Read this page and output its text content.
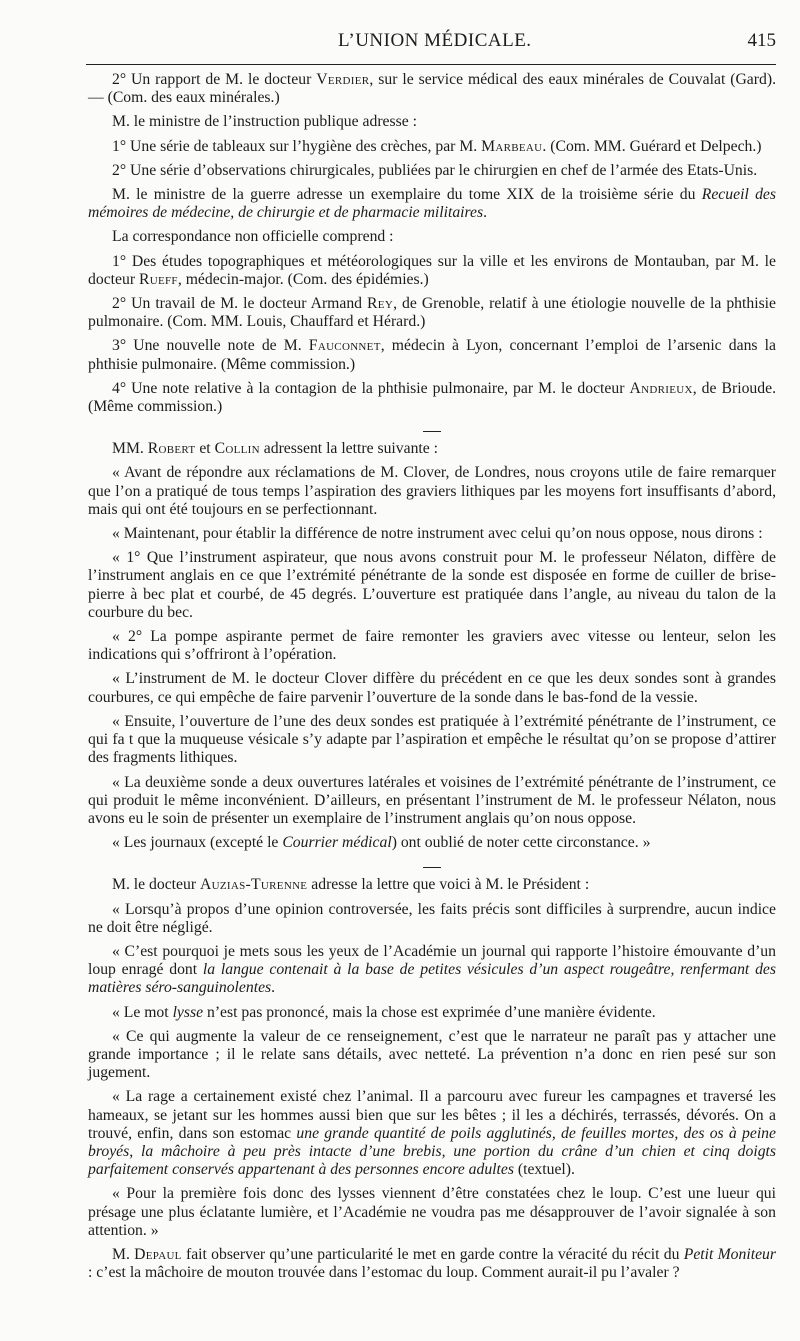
L’UNION MÉDICALE.	415

2° Un rapport de M. le docteur Verdier, sur le service médical des eaux minérales de Couvalat (Gard). — (Com. des eaux minérales.)

M. le ministre de l’instruction publique adresse :

1° Une série de tableaux sur l’hygiène des crèches, par M. Marbeau. (Com. MM. Guérard et Delpech.)

2° Une série d’observations chirurgicales, publiées par le chirurgien en chef de l’armée des Etats-Unis.

M. le ministre de la guerre adresse un exemplaire du tome XIX de la troisième série du Recueil des mémoires de médecine, de chirurgie et de pharmacie militaires.

La correspondance non officielle comprend :

1° Des études topographiques et météorologiques sur la ville et les environs de Montauban, par M. le docteur Rueff, médecin-major. (Com. des épidémies.)

2° Un travail de M. le docteur Armand Rey, de Grenoble, relatif à une étiologie nouvelle de la phthisie pulmonaire. (Com. MM. Louis, Chauffard et Hérard.)

3° Une nouvelle note de M. Fauconnet, médecin à Lyon, concernant l’emploi de l’arsenic dans la phthisie pulmonaire. (Même commission.)

4° Une note relative à la contagion de la phthisie pulmonaire, par M. le docteur Andrieux, de Brioude. (Même commission.)

MM. Robert et Collin adressent la lettre suivante :

« Avant de répondre aux réclamations de M. Clover, de Londres, nous croyons utile de faire remarquer que l’on a pratiqué de tous temps l’aspiration des graviers lithiques par les moyens fort insuffisants d’abord, mais qui ont été toujours en se perfectionnant.

« Maintenant, pour établir la différence de notre instrument avec celui qu’on nous oppose, nous dirons :

« 1° Que l’instrument aspirateur, que nous avons construit pour M. le professeur Nélaton, diffère de l’instrument anglais en ce que l’extrémité pénétrante de la sonde est disposée en forme de cuiller de brise-pierre à bec plat et courbé, de 45 degrés. L’ouverture est pratiquée dans l’angle, au niveau du talon de la courbure du bec.

« 2° La pompe aspirante permet de faire remonter les graviers avec vitesse ou lenteur, selon les indications qui s’offriront à l’opération.

« L’instrument de M. le docteur Clover diffère du précédent en ce que les deux sondes sont à grandes courbures, ce qui empêche de faire parvenir l’ouverture de la sonde dans le bas-fond de la vessie.

« Ensuite, l’ouverture de l’une des deux sondes est pratiquée à l’extrémité pénétrante de l’instrument, ce qui fa t que la muqueuse vésicale s’y adapte par l’aspiration et empêche le résultat qu’on se propose d’attirer des fragments lithiques.

« La deuxième sonde a deux ouvertures latérales et voisines de l’extrémité pénétrante de l’instrument, ce qui produit le même inconvénient. D’ailleurs, en présentant l’instrument de M. le professeur Nélaton, nous avons eu le soin de présenter un exemplaire de l’instrument anglais qu’on nous oppose.

« Les journaux (excepté le Courrier médical) ont oublié de noter cette circonstance. »

M. le docteur Auzias-Turenne adresse la lettre que voici à M. le Président :

« Lorsqu’à propos d’une opinion controversée, les faits précis sont difficiles à surprendre, aucun indice ne doit être négligé.

« C’est pourquoi je mets sous les yeux de l’Académie un journal qui rapporte l’histoire émouvante d’un loup enragé dont la langue contenait à la base de petites vésicules d’un aspect rougeâtre, renfermant des matières séro-sanguinolentes.

« Le mot lysse n’est pas prononcé, mais la chose est exprimée d’une manière évidente.

« Ce qui augmente la valeur de ce renseignement, c’est que le narrateur ne paraît pas y attacher une grande importance ; il le relate sans détails, avec netteté. La prévention n’a donc en rien pesé sur son jugement.

« La rage a certainement existé chez l’animal. Il a parcouru avec fureur les campagnes et traversé les hameaux, se jetant sur les hommes aussi bien que sur les bêtes ; il les a déchirés, terrassés, dévorés. On a trouvé, enfin, dans son estomac une grande quantité de poils agglutinés, de feuilles mortes, des os à peine broyés, la mâchoire à peu près intacte d’une brebis, une portion du crâne d’un chien et cinq doigts parfaitement conservés appartenant à des personnes encore adultes (textuel).

« Pour la première fois donc des lysses viennent d’être constatées chez le loup. C’est une lueur qui présage une plus éclatante lumière, et l’Académie ne voudra pas me désapprouver de l’avoir signalée à son attention. »

M. Depaul fait observer qu’une particularité le met en garde contre la véracité du récit du Petit Moniteur : c’est la mâchoire de mouton trouvée dans l’estomac du loup. Comment aurait-il pu l’avaler ?
